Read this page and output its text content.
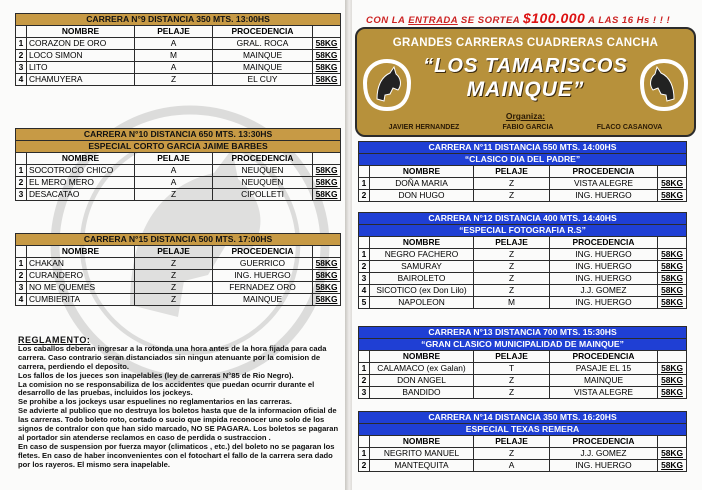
CARRERA N°9 DISTANCIA 350 MTS. 13:00HS				
	NOMBRE	PELAJE	PROCEDENCIA	
1	CORAZON DE ORO	A	GRAL. ROCA	58KG
2	LOCO SIMON	M	MAINQUE	58KG
3	LITO	A	MAINQUE	58KG
4	CHAMUYERA	Z	EL CUY	58KG
CARRERA N°10 DISTANCIA 650 MTS. 13:30HS				
ESPECIAL CORTO GARCIA JAIME BARBES				
	NOMBRE	PELAJE	PROCEDENCIA	
1	SOCOTROCO CHICO	A	NEUQUEN	58KG
2	EL MERO MERO	A	NEUQUEN	58KG
3	DESACATAO	Z	CIPOLLETI	58KG
CARRERA N°15 DISTANCIA 500 MTS. 17:00HS				
	NOMBRE	PELAJE	PROCEDENCIA	
1	CHAKAN	Z	GUERRICO	58KG
2	CURANDERO	Z	ING. HUERGO	58KG
3	NO ME QUEMES	Z	FERNADEZ ORO	58KG
4	CUMBIERITA	Z	MAINQUE	58KG
REGLAMENTO:
Los caballos deberan ingresar a la rotonda una hora antes de la hora fijada para cada carrera. Caso contrario seran distanciados sin ningun atenuante por la comision de carrera, perdiendo el deposito.
Los fallos de los jueces son inapelables (ley de carreras N°85 de Rio Negro).
La comision no se responsabiliza de los accidentes que puedan ocurrir durante el desarrollo de las pruebas, incluidos los jockeys.
Se prohibe a los jockeys usar espuelines no reglamentarios en las carreras.
Se advierte al publico que no destruya los boletos hasta que de la informacion oficial de las carreras. Todo boleto roto, cortado o sucio que impida reconocer uno solo de los signos de contralor con que han sido marcado, NO SE PAGARA. Los boletos se pagaran al portador sin atenderse reclamos en caso de perdida o sustraccion .
En caso de suspension por fuerza mayor (climaticos , etc.) del boleto no se pagaran los fletes. En caso de haber inconvenientes con el fotochart el fallo de la carrera sera dado por los rayeros. El mismo sera inapelable.
CON LA ENTRADA SE SORTEA $100.000 A LAS 16 Hs ! ! !
GRANDES CARRERAS CUADRERAS CANCHA
“LOS TAMARISCOS
MAINQUE”
Organiza:
JAVIER HERNANDEZ	FABIO GARCIA	FLACO CASANOVA
CARRERA N°11 DISTANCIA 550 MTS. 14:00HS				
“CLASICO DIA DEL PADRE”				
	NOMBRE	PELAJE	PROCEDENCIA	
1	DOÑA MARIA	Z	VISTA ALEGRE	58KG
2	DON HUGO	Z	ING. HUERGO	58KG
CARRERA N°12 DISTANCIA 400 MTS. 14:40HS				
“ESPECIAL FOTOGRAFIA R.S”				
	NOMBRE	PELAJE	PROCEDENCIA	
1	NEGRO FACHERO	Z	ING. HUERGO	58KG
2	SAMURAY	Z	ING. HUERGO	58KG
3	BAIROLETO	Z	ING. HUERGO	58KG
4	SICOTICO (ex Don Lilo)	Z	J.J. GOMEZ	58KG
5	NAPOLEON	M	ING. HUERGO	58KG
CARRERA N°13 DISTANCIA 700 MTS. 15:30HS				
“GRAN CLASICO MUNICIPALIDAD DE MAINQUE”				
	NOMBRE	PELAJE	PROCEDENCIA	
1	CALAMACO (ex Galan)	T	PASAJE EL 15	58KG
2	DON ANGEL	Z	MAINQUE	58KG
3	BANDIDO	Z	VISTA ALEGRE	58KG
CARRERA N°14 DISTANCIA 350 MTS. 16:20HS				
ESPECIAL TEXAS REMERA				
	NOMBRE	PELAJE	PROCEDENCIA	
1	NEGRITO MANUEL	Z	J.J. GOMEZ	58KG
2	MANTEQUITA	A	ING. HUERGO	58KG
